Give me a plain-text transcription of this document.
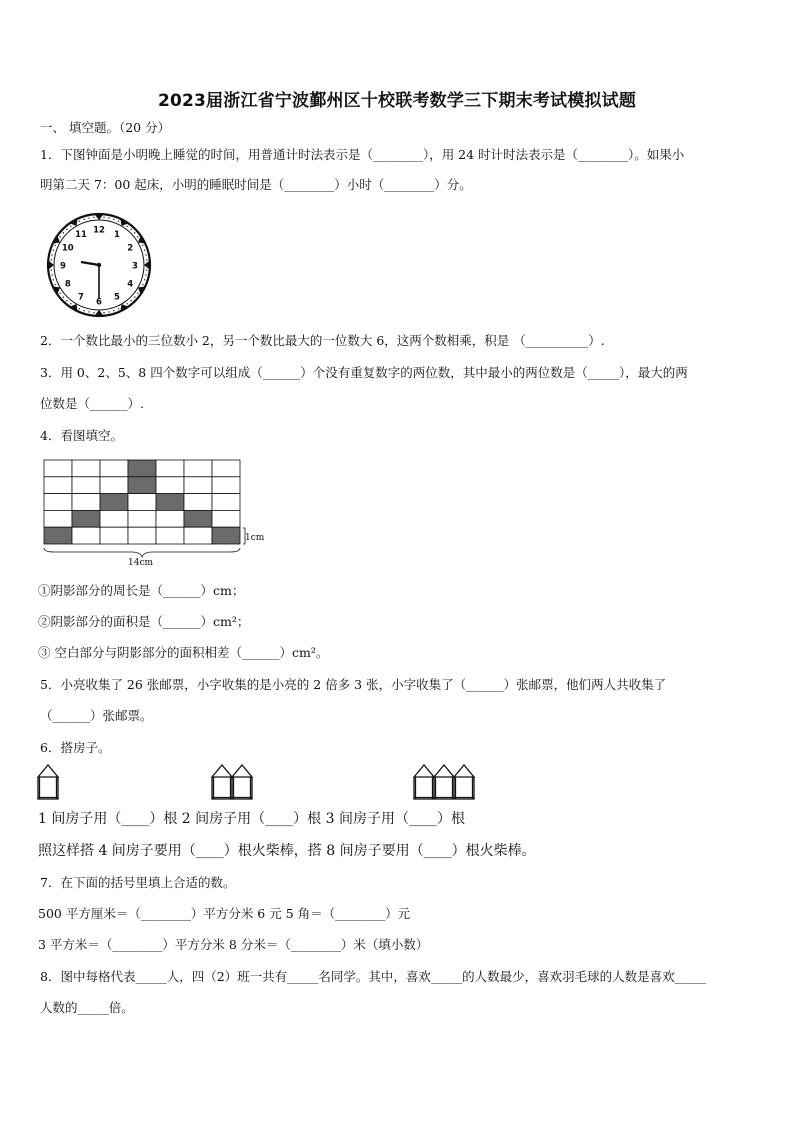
2023届浙江省宁波鄞州区十校联考数学三下期末考试模拟试题
一、 填空题。（20 分）
1．下图钟面是小明晚上睡觉的时间，用普通计时法表示是（________），用 24 时计时法表示是（________）。如果小
明第二天 7：00 起床，小明的睡眠时间是（________）小时（________）分。
12 1
2
3
4
5
6
7
8
9
10
11
2．一个数比最小的三位数小 2，另一个数比最大的一位数大 6，这两个数相乘，积是 （__________）.
3．用 0、2、5、8 四个数字可以组成（______）个没有重复数字的两位数，其中最小的两位数是（_____），最大的两
位数是（______）.
4．看图填空。
1cm
14cm
①阴影部分的周长是（______）cm；
②阴影部分的面积是（______）cm²；
③ 空白部分与阴影部分的面积相差（______）cm²。
5．小亮收集了 26 张邮票，小字收集的是小亮的 2 倍多 3 张，小字收集了（______）张邮票，他们两人共收集了
（______）张邮票。
6．搭房子。
1 间房子用（____）根 2 间房子用（____）根 3 间房子用（____）根
照这样搭 4 间房子要用（____）根火柴棒，搭 8 间房子要用（____）根火柴棒。
7．在下面的括号里填上合适的数。
500 平方厘米＝（________）平方分米 6 元 5 角＝（________）元
3 平方米＝（________）平方分米 8 分米＝（________）米（填小数）
8．图中每格代表_____人，四（2）班一共有_____名同学。其中，喜欢_____的人数最少，喜欢羽毛球的人数是喜欢_____
人数的_____倍。
